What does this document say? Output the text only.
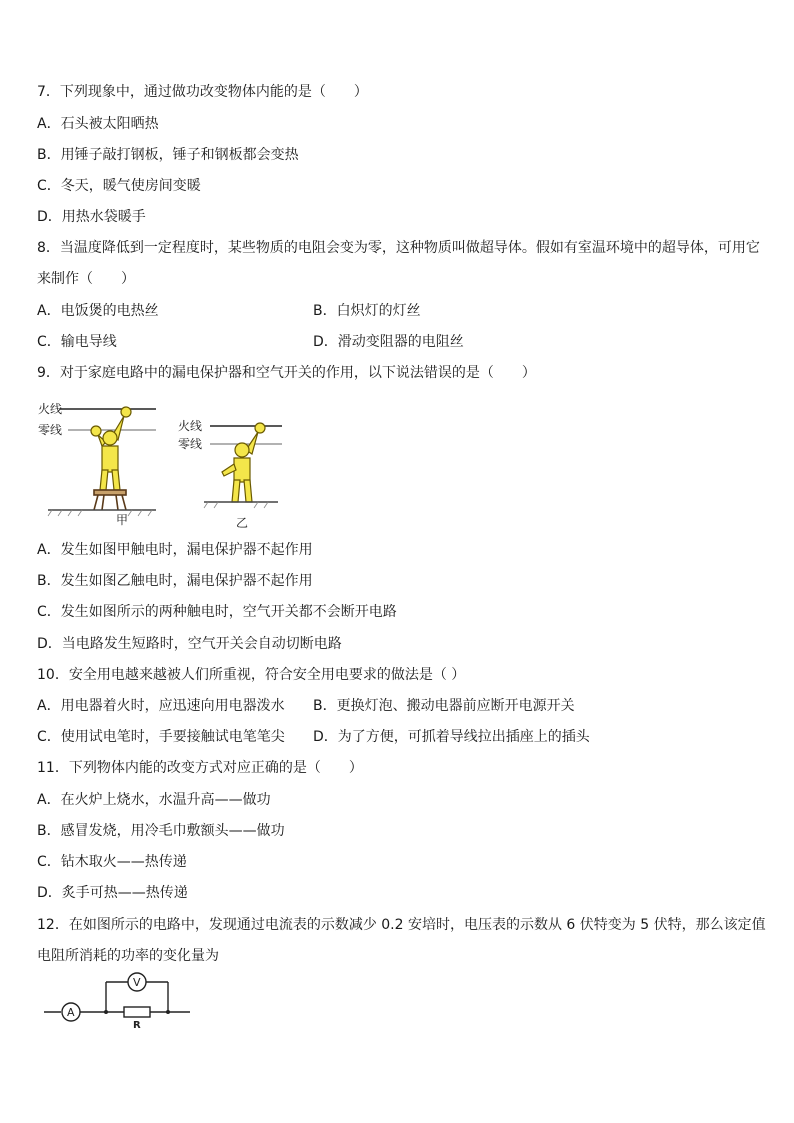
7．下列现象中，通过做功改变物体内能的是（　　）
A．石头被太阳晒热
B．用锤子敲打钢板，锤子和钢板都会变热
C．冬天，暖气使房间变暖
D．用热水袋暖手
8．当温度降低到一定程度时，某些物质的电阻会变为零，这种物质叫做超导体。假如有室温环境中的超导体，可用它
来制作（　　）
A．电饭煲的电热丝	B．白炽灯的灯丝
C．输电导线	D．滑动变阻器的电阻丝
9．对于家庭电路中的漏电保护器和空气开关的作用，以下说法错误的是（　　）
火线
零线
甲
火线
零线
乙
A．发生如图甲触电时，漏电保护器不起作用
B．发生如图乙触电时，漏电保护器不起作用
C．发生如图所示的两种触电时，空气开关都不会断开电路
D．当电路发生短路时，空气开关会自动切断电路
10．安全用电越来越被人们所重视，符合安全用电要求的做法是（ ）
A．用电器着火时，应迅速向用电器泼水 B．更换灯泡、搬动电器前应断开电源开关
C．使用试电笔时，手要接触试电笔笔尖 D．为了方便，可抓着导线拉出插座上的插头
11．下列物体内能的改变方式对应正确的是（　　）
A．在火炉上烧水，水温升高——做功
B．感冒发烧，用冷毛巾敷额头——做功
C．钻木取火——热传递
D．炙手可热——热传递
12．在如图所示的电路中，发现通过电流表的示数减少 0.2 安培时，电压表的示数从 6 伏特变为 5 伏特，那么该定值
电阻所消耗的功率的变化量为
A
V
R
